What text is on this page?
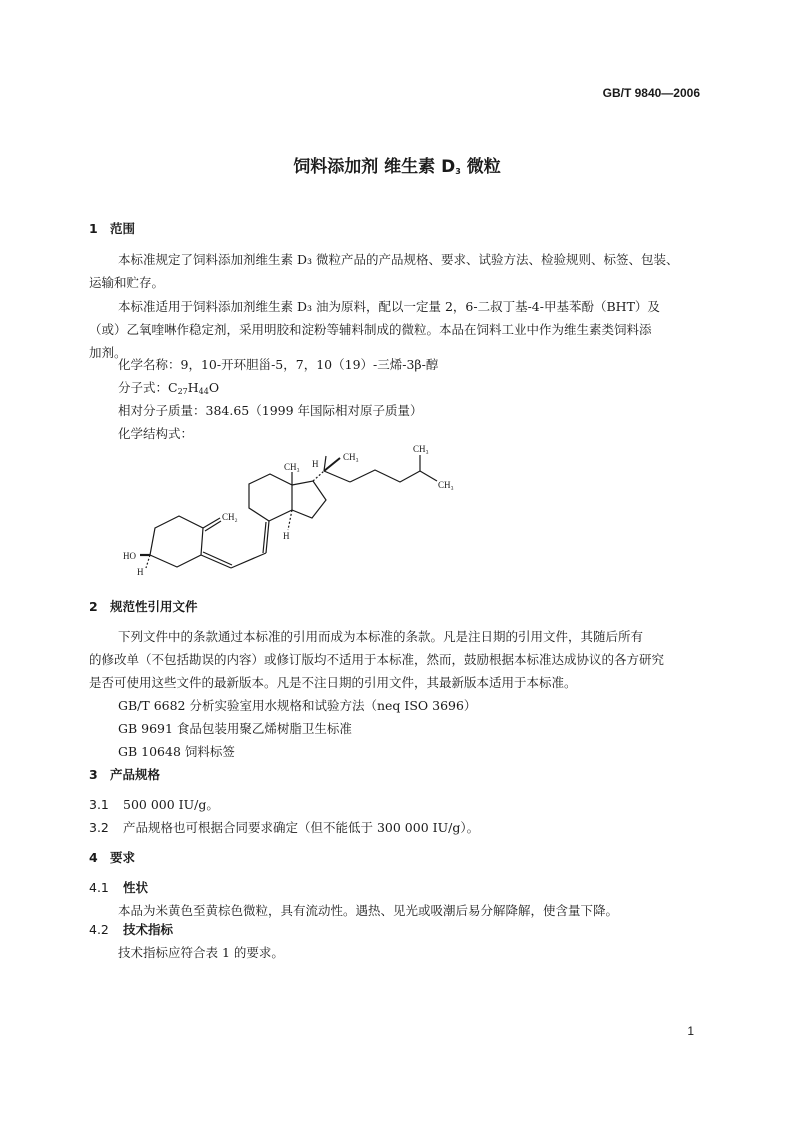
GB/T 9840—2006
饲料添加剂 维生素 $D_3$ 微粒
1 范围
本标准规定了饲料添加剂维生素 D₃ 微粒产品的产品规格、要求、试验方法、检验规则、标签、包装、
运输和贮存。
本标准适用于饲料添加剂维生素 D₃ 油为原料，配以一定量 2，6-二叔丁基-4-甲基苯酚（BHT）及
（或）乙氧喹啉作稳定剂，采用明胶和淀粉等辅料制成的微粒。本品在饲料工业中作为维生素类饲料添
加剂。
化学名称：9，10-开环胆甾-5，7，10（19）-三烯-3β-醇
分子式：$C_{27}H_{44}O$
相对分子质量：384.65（1999 年国际相对原子质量）
化学结构式：
CH₂
HO
H
H
H
CH₃
CH₃
CH₃
CH₃
2 规范性引用文件
下列文件中的条款通过本标准的引用而成为本标准的条款。凡是注日期的引用文件，其随后所有
的修改单（不包括勘误的内容）或修订版均不适用于本标准，然而，鼓励根据本标准达成协议的各方研究
是否可使用这些文件的最新版本。凡是不注日期的引用文件，其最新版本适用于本标准。
GB/T 6682 分析实验室用水规格和试验方法（neq ISO 3696）
GB 9691 食品包装用聚乙烯树脂卫生标准
GB 10648 饲料标签
3 产品规格
3.1 500 000 IU/g。
3.2 产品规格也可根据合同要求确定（但不能低于 300 000 IU/g）。
4 要求
4.1 性状
本品为米黄色至黄棕色微粒，具有流动性。遇热、见光或吸潮后易分解降解，使含量下降。
4.2 技术指标
技术指标应符合表 1 的要求。
1
